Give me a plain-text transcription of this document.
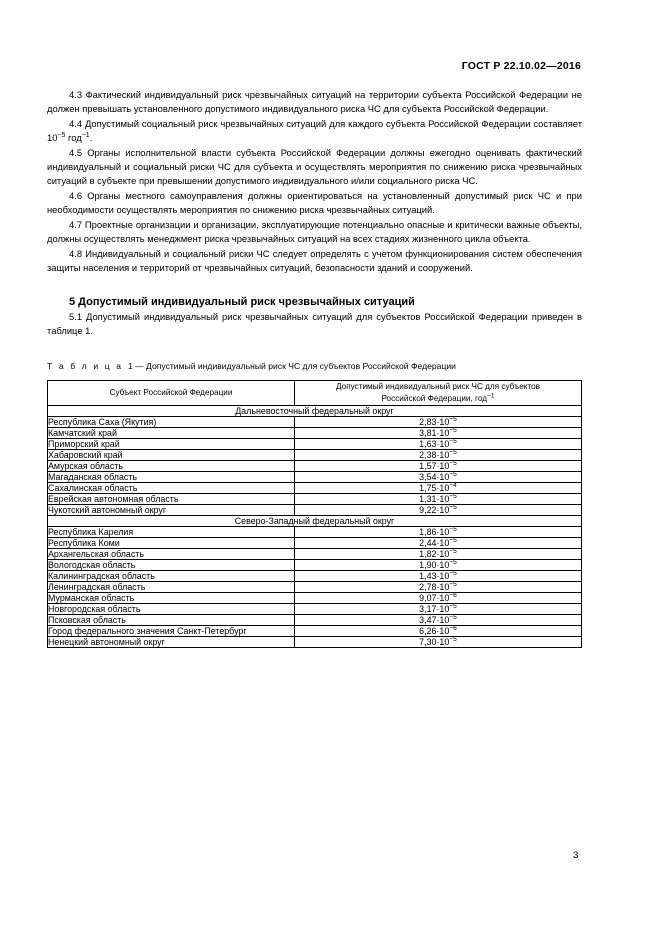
ГОСТ Р 22.10.02—2016

4.3 Фактический индивидуальный риск чрезвычайных ситуаций на территории субъекта Российской Федерации не должен превышать установленного допустимого индивидуального риска ЧС для субъекта Российской Федерации.

4.4 Допустимый социальный риск чрезвычайных ситуаций для каждого субъекта Российской Федерации составляет $10^{-5}$ год$^{-1}$.

4.5 Органы исполнительной власти субъекта Российской Федерации должны ежегодно оценивать фактический индивидуальный и социальный риски ЧС для субъекта и осуществлять мероприятия по снижению риска чрезвычайных ситуаций в субъекте при превышении допустимого индивидуального и/или социального риска ЧС.

4.6 Органы местного самоуправления должны ориентироваться на установленный допустимый риск ЧС и при необходимости осуществлять мероприятия по снижению риска чрезвычайных ситуаций.

4.7 Проектные организации и организации, эксплуатирующие потенциально опасные и критически важные объекты, должны осуществлять менеджмент риска чрезвычайных ситуаций на всех стадиях жизненного цикла объекта.

4.8 Индивидуальный и социальный риски ЧС следует определять с учетом функционирования систем обеспечения защиты населения и территорий от чрезвычайных ситуаций, безопасности зданий и сооружений.

5 Допустимый индивидуальный риск чрезвычайных ситуаций

5.1 Допустимый индивидуальный риск чрезвычайных ситуаций для субъектов Российской Федерации приведен в таблице 1.

Т а б л и ц а 1 — Допустимый индивидуальный риск ЧС для субъектов Российской Федерации
Субъект Российской Федерации	Допустимый индивидуальный риск ЧС для субъектов
Российской Федерации, год$^{-1}$
Дальневосточный федеральный округ	
Республика Саха (Якутия)	$2,83\cdot 10^{-5}$
Камчатский край	$3,81\cdot 10^{-5}$
Приморский край	$1,63\cdot 10^{-5}$
Хабаровский край	$2,38\cdot 10^{-5}$
Амурская область	$1,57\cdot 10^{-5}$
Магаданская область	$3,54\cdot 10^{-5}$
Сахалинская область	$1,75\cdot 10^{-4}$
Еврейская автономная область	$1,31\cdot 10^{-5}$
Чукотский автономный округ	$9,22\cdot 10^{-5}$
Северо-Западный федеральный округ	
Республика Карелия	$1,86\cdot 10^{-5}$
Республика Коми	$2,44\cdot 10^{-5}$
Архангельская область	$1,82\cdot 10^{-5}$
Вологодская область	$1,90\cdot 10^{-5}$
Калининградская область	$1,43\cdot 10^{-5}$
Ленинградская область	$2,78\cdot 10^{-5}$
Мурманская область	$9,07\cdot 10^{-6}$
Новгородская область	$3,17\cdot 10^{-5}$
Псковская область	$3,47\cdot 10^{-5}$
Город федерального значения Санкт-Петербург	$6,26\cdot 10^{-6}$
Ненецкий автономный округ	$7,30\cdot 10^{-5}$
3
